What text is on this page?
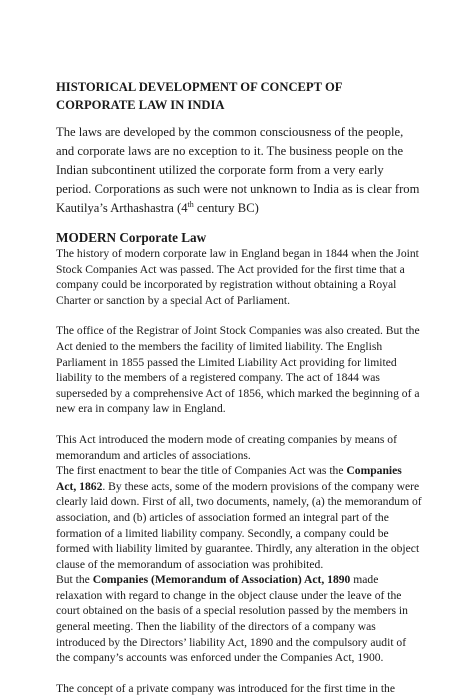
HISTORICAL DEVELOPMENT OF CONCEPT OF CORPORATE LAW IN INDIA

The laws are developed by the common consciousness of the people, and corporate laws are no exception to it. The business people on the Indian subcontinent utilized the corporate form from a very early period. Corporations as such were not unknown to India as is clear from Kautilya’s Arthashastra (4th century BC)

MODERN Corporate Law

The history of modern corporate law in England began in 1844 when the Joint Stock Companies Act was passed. The Act provided for the first time that a company could be incorporated by registration without obtaining a Royal Charter or sanction by a special Act of Parliament.

The office of the Registrar of Joint Stock Companies was also created. But the Act denied to the members the facility of limited liability. The English Parliament in 1855 passed the Limited Liability Act providing for limited liability to the members of a registered company. The act of 1844 was superseded by a comprehensive Act of 1856, which marked the beginning of a new era in company law in England.

This Act introduced the modern mode of creating companies by means of memorandum and articles of associations.

The first enactment to bear the title of Companies Act was the Companies Act, 1862. By these acts, some of the modern provisions of the company were clearly laid down. First of all, two documents, namely, (a) the memorandum of association, and (b) articles of association formed an integral part of the formation of a limited liability company. Secondly, a company could be formed with liability limited by guarantee. Thirdly, any alteration in the object clause of the memorandum of association was prohibited.

But the Companies (Memorandum of Association) Act, 1890 made relaxation with regard to change in the object clause under the leave of the court obtained on the basis of a special resolution passed by the members in general meeting. Then the liability of the directors of a company was introduced by the Directors’ liability Act, 1890 and the compulsory audit of the company’s accounts was enforced under the Companies Act, 1900.

The concept of a private company was introduced for the first time in the
